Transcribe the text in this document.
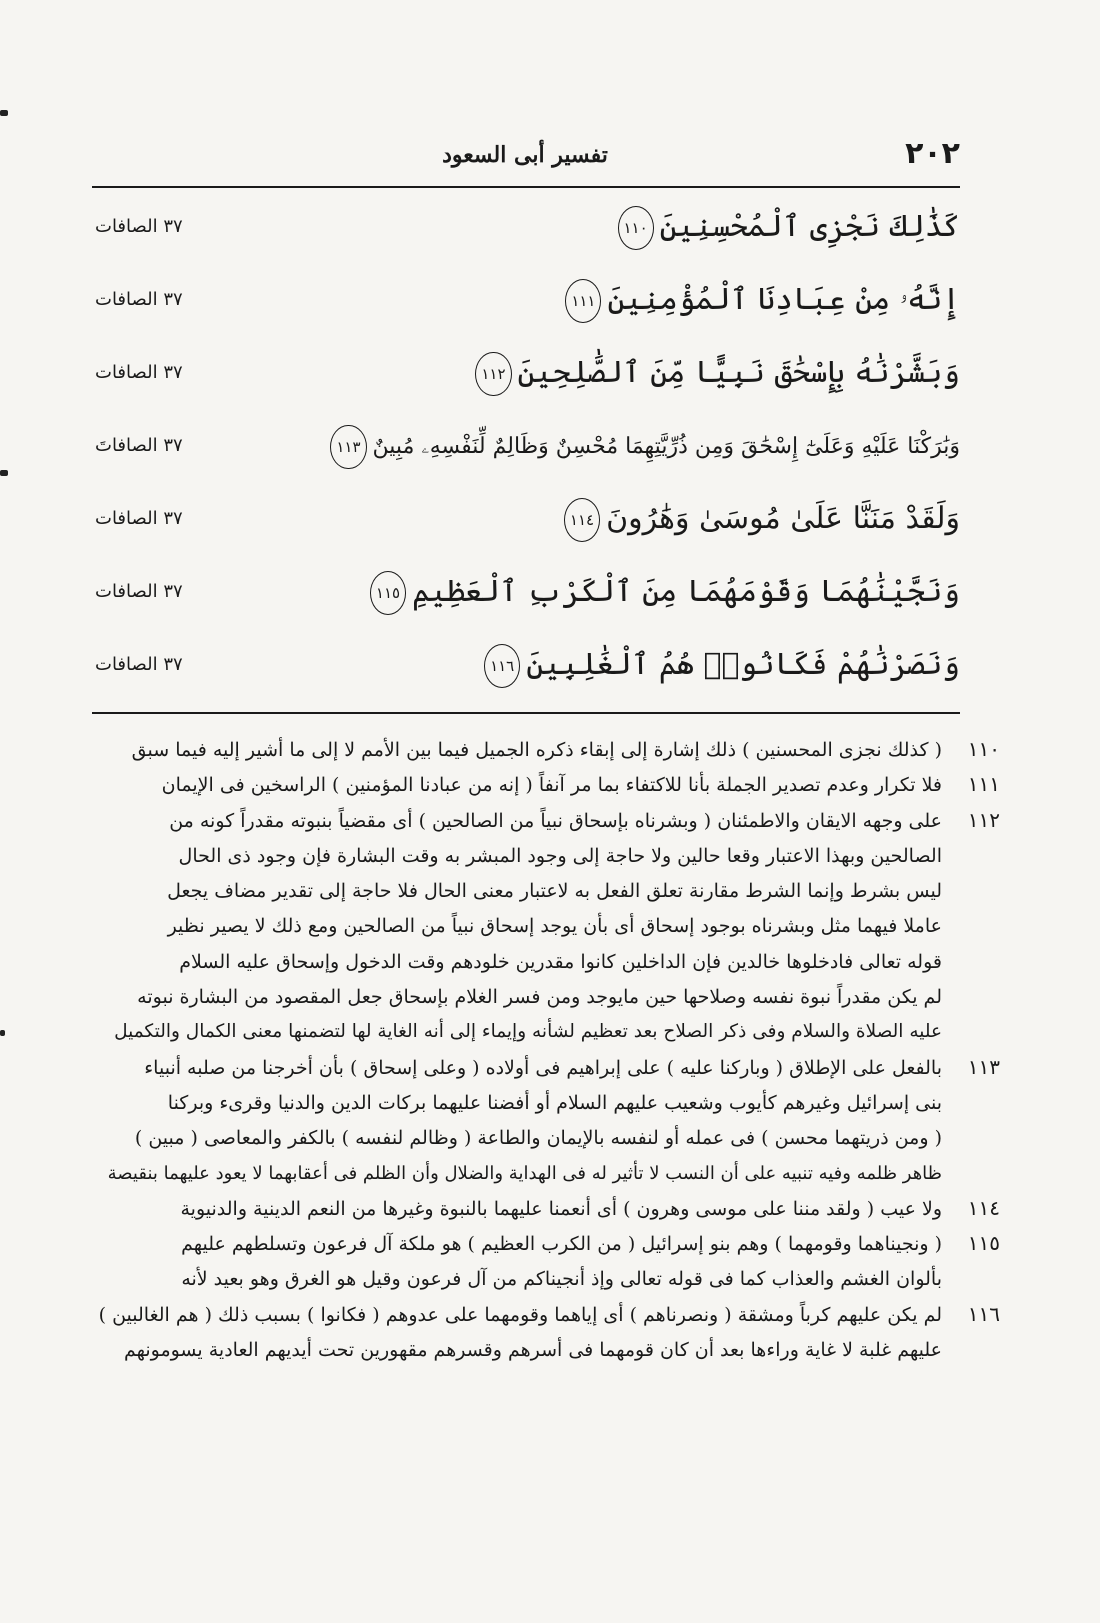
٢٠٢
تفسير أبى السعود
كَذَٰلِكَ نَجْزِى ٱلْمُحْسِنِينَ١١٠
٣٧ الصافات
إِنَّهُۥ مِنْ عِبَادِنَا ٱلْمُؤْمِنِينَ١١١
٣٧ الصافات
وَبَشَّرْنَٰهُ بِإِسْحَٰقَ نَبِيًّا مِّنَ ٱلصَّٰلِحِينَ١١٢
٣٧ الصافات
وَبَٰرَكْنَا عَلَيْهِ وَعَلَىٰٓ إِسْحَٰقَ وَمِن ذُرِّيَّتِهِمَا مُحْسِنٌ وَظَالِمٌ لِّنَفْسِهِۦ مُبِينٌ١١٣
٣٧ الصافاتَ
وَلَقَدْ مَنَنَّا عَلَىٰ مُوسَىٰ وَهَٰرُونَ١١٤
٣٧ الصافات
وَنَجَّيْنَٰهُمَا وَقَوْمَهُمَا مِنَ ٱلْكَرْبِ ٱلْعَظِيمِ١١٥
٣٧ الصافات
وَنَصَرْنَٰهُمْ فَكَانُوا۟ هُمُ ٱلْغَٰلِبِينَ١١٦
٣٧ الصافات
١١٠
( كذلك نجزى المحسنين ) ذلك إشارة إلى إبقاء ذكره الجميل فيما بين الأمم لا إلى ما أشير إليه فيما سبق
١١١
فلا تكرار وعدم تصدير الجملة بأنا للاكتفاء بما مر آنفاً ( إنه من عبادنا المؤمنين ) الراسخين فى الإيمان
١١٢
على وجهه الايقان والاطمئنان ( وبشرناه بإسحاق نبياً من الصالحين ) أى مقضياً بنبوته مقدراً كونه من
الصالحين وبهذا الاعتبار وقعا حالين ولا حاجة إلى وجود المبشر به وقت البشارة فإن وجود ذى الحال
ليس بشرط وإنما الشرط مقارنة تعلق الفعل به لاعتبار معنى الحال فلا حاجة إلى تقدير مضاف يجعل
عاملا فيهما مثل وبشرناه بوجود إسحاق أى بأن يوجد إسحاق نبياً من الصالحين ومع ذلك لا يصير نظير
قوله تعالى فادخلوها خالدين فإن الداخلين كانوا مقدرين خلودهم وقت الدخول وإسحاق عليه السلام
لم يكن مقدراً نبوة نفسه وصلاحها حين مايوجد ومن فسر الغلام بإسحاق جعل المقصود من البشارة نبوته
عليه الصلاة والسلام وفى ذكر الصلاح بعد تعظيم لشأنه وإيماء إلى أنه الغاية لها لتضمنها معنى الكمال والتكميل
١١٣
بالفعل على الإطلاق ( وباركنا عليه ) على إبراهيم فى أولاده ( وعلى إسحاق ) بأن أخرجنا من صلبه أنبياء
بنى إسرائيل وغيرهم كأيوب وشعيب عليهم السلام أو أفضنا عليهما بركات الدين والدنيا وقرىء وبركنا
( ومن ذريتهما محسن ) فى عمله أو لنفسه بالإيمان والطاعة ( وظالم لنفسه ) بالكفر والمعاصى ( مبين )
ظاهر ظلمه وفيه تنبيه على أن النسب لا تأثير له فى الهداية والضلال وأن الظلم فى أعقابهما لا يعود عليهما بنقيصة
١١٤
ولا عيب ( ولقد مننا على موسى وهرون ) أى أنعمنا عليهما بالنبوة وغيرها من النعم الدينية والدنيوية
١١٥
( ونجيناهما وقومهما ) وهم بنو إسرائيل ( من الكرب العظيم ) هو ملكة آل فرعون وتسلطهم عليهم
بألوان الغشم والعذاب كما فى قوله تعالى وإذ أنجيناكم من آل فرعون وقيل هو الغرق وهو بعيد لأنه
١١٦
لم يكن عليهم كرباً ومشقة ( ونصرناهم ) أى إياهما وقومهما على عدوهم ( فكانوا ) بسبب ذلك ( هم الغالبين )
عليهم غلبة لا غاية وراءها بعد أن كان قومهما فى أسرهم وقسرهم مقهورين تحت أيديهم العادية يسومونهم
